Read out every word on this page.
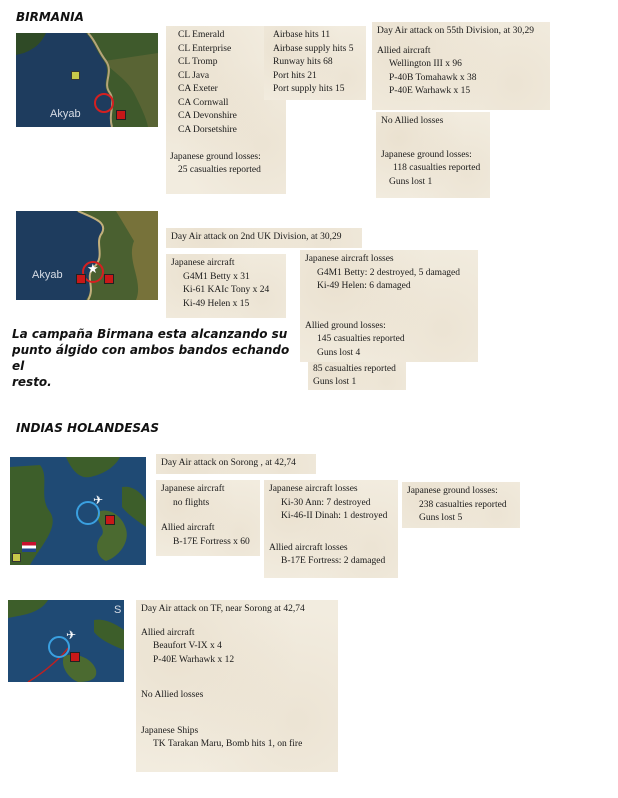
BIRMANIA
Akyab
CL Emerald
CL Enterprise
CL Tromp
CL Java
CA Exeter
CA Cornwall
CA Devonshire
CA Dorsetshire
Japanese ground losses:
25 casualties reported
Airbase hits 11
Airbase supply hits 5
Runway hits 68
Port hits 21
Port supply hits 15
Day Air attack on 55th Division, at 30,29
Allied aircraft
Wellington III x 96
P-40B Tomahawk x 38
P-40E Warhawk x 15
No Allied losses
Japanese ground losses:
118 casualties reported
Guns lost 1
Akyab ★
Day Air attack on 2nd UK Division, at 30,29
Japanese aircraft
G4M1 Betty x 31
Ki-61 KAIc Tony x 24
Ki-49 Helen x 15
Japanese aircraft losses
G4M1 Betty: 2 destroyed, 5 damaged
Ki-49 Helen: 6 damaged
Allied ground losses:
145 casualties reported
Guns lost 4
85 casualties reported
Guns lost 1
La campaña Birmana esta alcanzando su
punto álgido con ambos bandos echando el
resto.
INDIAS HOLANDESAS
✈
Day Air attack on Sorong , at 42,74
Japanese aircraft
no flights
Allied aircraft
B-17E Fortress x 60
Japanese aircraft losses
Ki-30 Ann: 7 destroyed
Ki-46-II Dinah: 1 destroyed
Allied aircraft losses
B-17E Fortress: 2 damaged
Japanese ground losses:
238 casualties reported
Guns lost 5
S
✈
Day Air attack on TF, near Sorong at 42,74
Allied aircraft
Beaufort V-IX x 4
P-40E Warhawk x 12
No Allied losses
Japanese Ships
TK Tarakan Maru, Bomb hits 1, on fire
